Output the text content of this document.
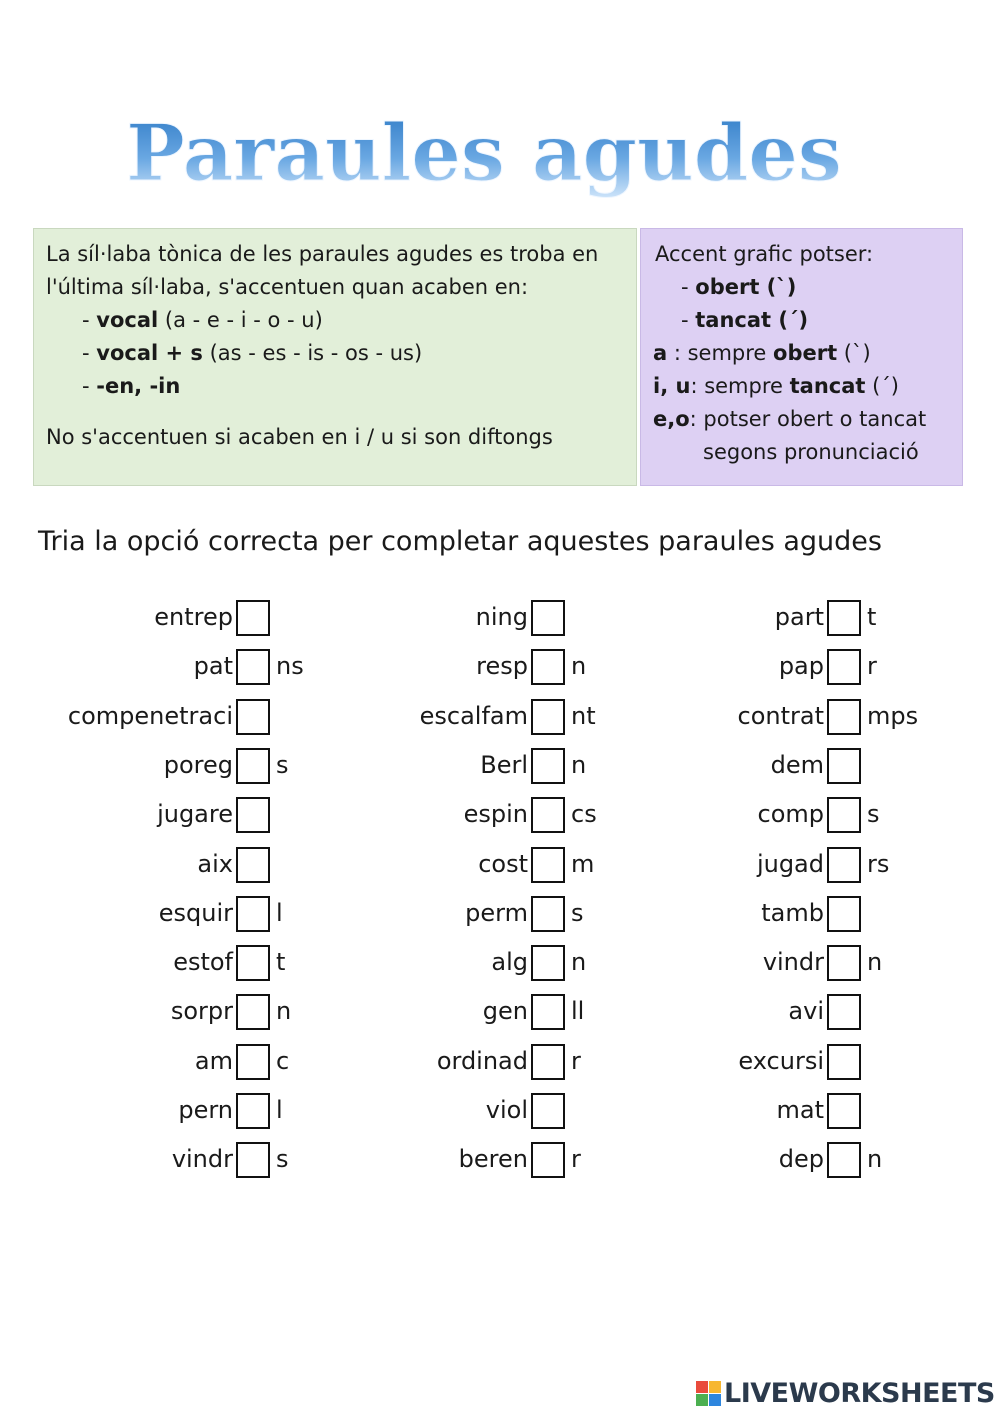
Paraules agudes
La síl·laba tònica de les paraules agudes es troba en
l'última síl·laba, s'accentuen quan acaben en:
- vocal (a - e - i - o - u)
- vocal + s (as - es - is - os - us)
- -en, -in
No s'accentuen si acaben en i / u si son diftongs
Accent grafic potser:
- obert (`)
- tancat (´)
a : sempre obert (`)
i, u: sempre tancat (´)
e,o: potser obert o tancat
segons pronunciació
Tria la opció correcta per completar aquestes paraules agudes
entrep
pat ns
compenetraci
poreg s
jugare
aix
esquir l
estof t
sorpr n
am c
pern l
vindr s
ning
resp n
escalfam nt
Berl n
espin cs
cost m
perm s
alg n
gen ll
ordinad r
viol
beren r
part t
pap r
contrat mps
dem
comp s
jugad rs
tamb
vindr n
avi
excursi
mat
dep n
LIVEWORKSHEETS
